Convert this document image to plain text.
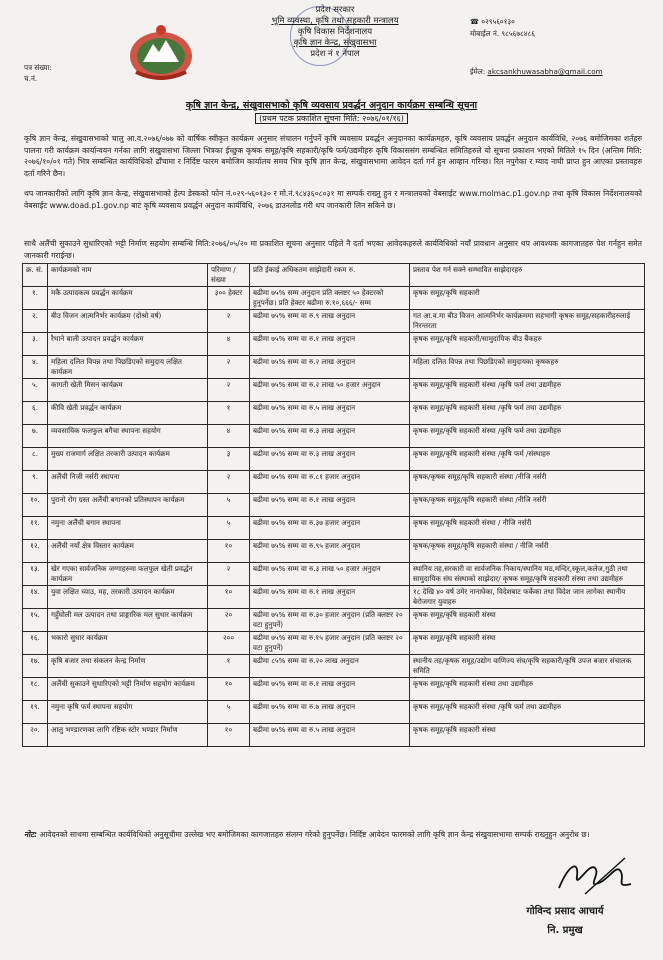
प्रदेश सरकार
भूमि व्यवस्था, कृषि तथा सहकारी मन्त्रालय
कृषि विकास निर्देशनालय
कृषि ज्ञान केन्द्र, संखुवासभा
प्रदेश नं १ नेपाल
☎ ०२९५६०१३०
मोबाईल नं. ९८५६७८४८६
ईमेल: akcsankhuwasabha@gmail.com
पत्र संख्या:
च.नं.
कृषि ज्ञान केन्द्र, संखुवासभाको कृषि व्यवसाय प्रवर्द्धन अनुदान कार्यक्रम सम्बन्धि सूचना
(प्रथम पटक प्रकाशित सूचना मिति: २०७६/०१/१६)
कृषि ज्ञान केन्द्र, संखुवासभाको चालु आ.व.२०७६/०७७ को वार्षिक स्वीकृत कार्यक्रम अनुसार संचालन गर्नुपर्ने कृषि व्यवसाय प्रवर्द्धन अनुदानका कार्यक्रमहरु, कृषि व्यवसाय प्रवर्द्धन अनुदान कार्यविधि, २०७६ बमोजिमका शर्तहरु पालना गरी कार्यक्रम कार्यान्वयन गर्नका लागि संखुवासभा जिल्ला भित्रका ईच्छुक कृषक समूह/कृषि सहकारी/कृषि फर्म/उद्यमीहरु कृषि विकाससंग सम्बन्धित समितिहरुले यो सूचना प्रकाशन भएको मितिले १५ दिन (अन्तिम मिति: २०७६/१०/०१ गते) भित्र सम्बन्धित कार्यविधिको ढाँचामा र निर्दिष्ट फारम बमोजिम कार्यालय समय भित्र कृषि ज्ञान केन्द्र, संखुवासभामा आवेदन दर्ता गर्न हुन आव्हान गरिन्छ। रित नपुगेका र म्याद नाघी प्राप्त हुन आएका प्रस्तावहरु दर्ता गरिने छैन।
थप जानकारीको लागि कृषि ज्ञान केन्द्र, संखुवासभाको हेल्प डेस्कको फोन नं.०२९-५६०१३० र मो.नं.९८४३६०८०३१ मा सम्पर्क राख्नु हुन र मन्त्रालयको वेबसाईट www.molmac.p1.gov.np तथा कृषि विकास निर्देशनालयको वेबसाईट www.doad.p1.gov.np बाट कृषि व्यवसाय प्रवर्द्धन अनुदान कार्यविधि, २०७६ डाउनलोड गरी थप जानकारी लिन सकिने छ।
साथै अलैंची सुकाउने सुधारिएको भट्टी निर्माण सहयोग सम्बन्धि मिति:२०७६/०५/२० मा प्रकाशित सूचना अनुसार पहिले नै दर्ता भएका आवेदकहरुले कार्यविधिको नयाँ प्रावधान अनुसार थप आवश्यक कागजातहरु पेश गर्नहुन समेत जानकारी गराईन्छ।
क्र. सं.	कार्यक्रमको नाम	परिमाण /संख्या	प्रति ईकाई अधिकतम साझेदारी रकम रु.	प्रस्ताव पेश गर्न सक्ने सम्भावित साझेदारहरु
१.	मकै उत्पादकत्व प्रवर्द्धन कार्यक्रम	३०० हेक्टर	बढीमा ७५% सम्म अनुदान प्रति क्लष्टर ५० हेक्टरको हुनुपर्नेछ। प्रति हेक्टर बढीमा रु.१०,६६६/- सम्म	कृषक समूह/कृषि सहकारी
२.	बीउ विजन आत्मनिर्भर कार्यक्रम (दोश्रो वर्ष)	२	बढीमा ७५% सम्म वा रु.९ लाख अनुदान	गत आ.व.मा बीउ विजन आत्मनिर्भर कार्यक्रममा सहभागी कृषक समूह/सहकारीहरुलाई निरन्तरता
३.	रैथाने बाली उत्पादन प्रवर्द्धन कार्यक्रम	४	बढीमा ७५% सम्म वा रु.१ लाख अनुदान	कृषक समूह/कृषि सहकारी/सामुदायिक बीउ बैंकहरु
४.	महिला दलित विपन्न तथा पिछडिएको समुदाय लक्षित कार्यक्रम	२	बढीमा ७५% सम्म वा रु.२ लाख अनुदान	महिला दलित विपन्न तथा पिछडिएको समुदायका कृषकहरु
५.	कागती खेती मिसन कार्यक्रम	२	बढीमा ७५% सम्म वा रु.२ लाख ५० हजार अनुदान	कृषक समूह/कृषि सहकारी संस्था /कृषि फर्म तथा उद्यमीहरु
६.	कीवि खेती प्रवर्द्धन कार्यक्रम	१	बढीमा ७५% सम्म वा रु.५ लाख अनुदान	कृषक समूह/कृषि सहकारी संस्था /कृषि फर्म तथा उद्यमीहरु
७.	व्यवसायिक फलफुल बगैचा स्थापना सहयोग	४	बढीमा ७५% सम्म वा रु.३ लाख अनुदान	कृषक समूह/कृषि सहकारी संस्था /कृषि फर्म तथा उद्यमीहरु
८.	मुख्य राजमार्ग लक्षित तरकारी उत्पादन कार्यक्रम	३	बढीमा ७५% सम्म वा रु.३ लाख अनुदान	कृषक समूह/कृषि सहकारी संस्था /कृषि फर्म /संस्थाहरु
९.	अलैंची निजी नर्सरी स्थापना	२	बढीमा ७५% सम्म वा रु.८१ हजार अनुदान	कृषक/कृषक समूह/कृषि सहकारी संस्था /नीजि नर्सरी
१०.	पुरानो रोग ग्रस्त अलैंची बगानको प्रतिस्थापन कार्यक्रम	५	बढीमा ७५% सम्म वा रु.१ लाख अनुदान	कृषक/कृषक समूह/कृषि सहकारी संस्था /नीजि नर्सरी
११.	नमुना अलैंची बगान स्थापना	५	बढीमा ७५% सम्म वा रु.३७ हजार अनुदान	कृषक समूह/कृषि सहकारी संस्था / नीजि नर्सरी
१२.	अलैंची नयाँ क्षेत्र विस्तार कार्यक्रम	१०	बढीमा ७५% सम्म वा रु.९५ हजार अनुदान	कृषक/कृषक समूह/कृषि सहकारी संस्था / नीजि नर्सरी
१३.	खेर गएका सार्वजनिक जग्गाहरुमा फलफुल खेती प्रवर्द्धन कार्यक्रम	२	बढीमा ७५% सम्म वा रु.३ लाख ५० हजार अनुदान	स्थानिय तह,सरकारी वा सार्वजनिक निकाय/स्थानिय मठ,मन्दिर,स्कूल,कलेज,गुठी तथा सामुदायिक संघ संस्थाको साझेदार/ कृषक समूह/कृषि सहकारी संस्था तथा उद्यमीहरु
१४.	युवा लक्षित च्याउ, मह, तरकारी उत्पादन कार्यक्रम	१०	बढीमा ७५% सम्म वा रु.१ लाख अनुदान	१८ देखि ४० वर्ष उमेर नानाघेका, विदेशबाट फर्केका तथा विदेश जान लागेका स्थानीय बेरोजगार युवाहरु
१५.	गहुँघोली मल उत्पादन तथा प्राङ्गारिक मल सुधार कार्यक्रम	२०	बढीमा ७५% सम्म वा रु.३० हजार अनुदान (प्रति क्लष्टर २० वटा हुनुपर्ने)	कृषक समूह/कृषि सहकारी संस्था
१६.	भकारो सुधार कार्यक्रम	२००	बढीमा ७५% सम्म वा रु.१५ हजार अनुदान (प्रति क्लष्टर २० वटा हुनुपर्ने)	कृषक समूह/कृषि सहकारी संस्था
१७.	कृषि बजार तथा संकलन केन्द्र निर्माण	१	बढीमा ८५% सम्म वा रु.२० लाख अनुदान	स्थानीय तह/कृषक समूह/उद्योग वाणिज्य संघ/कृषि सहकारी/कृषि उपज बजार संचालक समिति
१८.	अलैंची सुकाउने सुधारिएको भट्टी निर्माण सहयोग कार्यक्रम	१०	बढीमा ७५% सम्म वा रु.१ लाख अनुदान	कृषक समूह/कृषि सहकारी संस्था तथा उद्यमीहरु
१९.	नमुना कृषि फर्म स्थापना सहयोग	५	बढीमा ७५% सम्म वा रु.७ लाख अनुदान	कृषक समूह/कृषि सहकारी संस्था /कृषि फर्म तथा उद्यमीहरु
२०.	आलु भण्डारणका लागि रष्टिक स्टोर भण्डार निर्माण	१०	बढीमा ७५% सम्म वा रु.५ लाख अनुदान	कृषक समूह/कृषि सहकारी संस्था
नोट: आवेदनको साथमा सम्बन्धित कार्यविधिको अनुसूचीमा उल्लेख भए बमोजिमका कागजातहरु संलग्न गरेको हुनुपर्नेछ। निर्दिष्ट आवेदन फारमको लागि कृषि ज्ञान केन्द्र संखुवासभामा सम्पर्क राख्नुहुन अनुरोध छ।
गोविन्द प्रसाद आचार्य
नि. प्रमुख
